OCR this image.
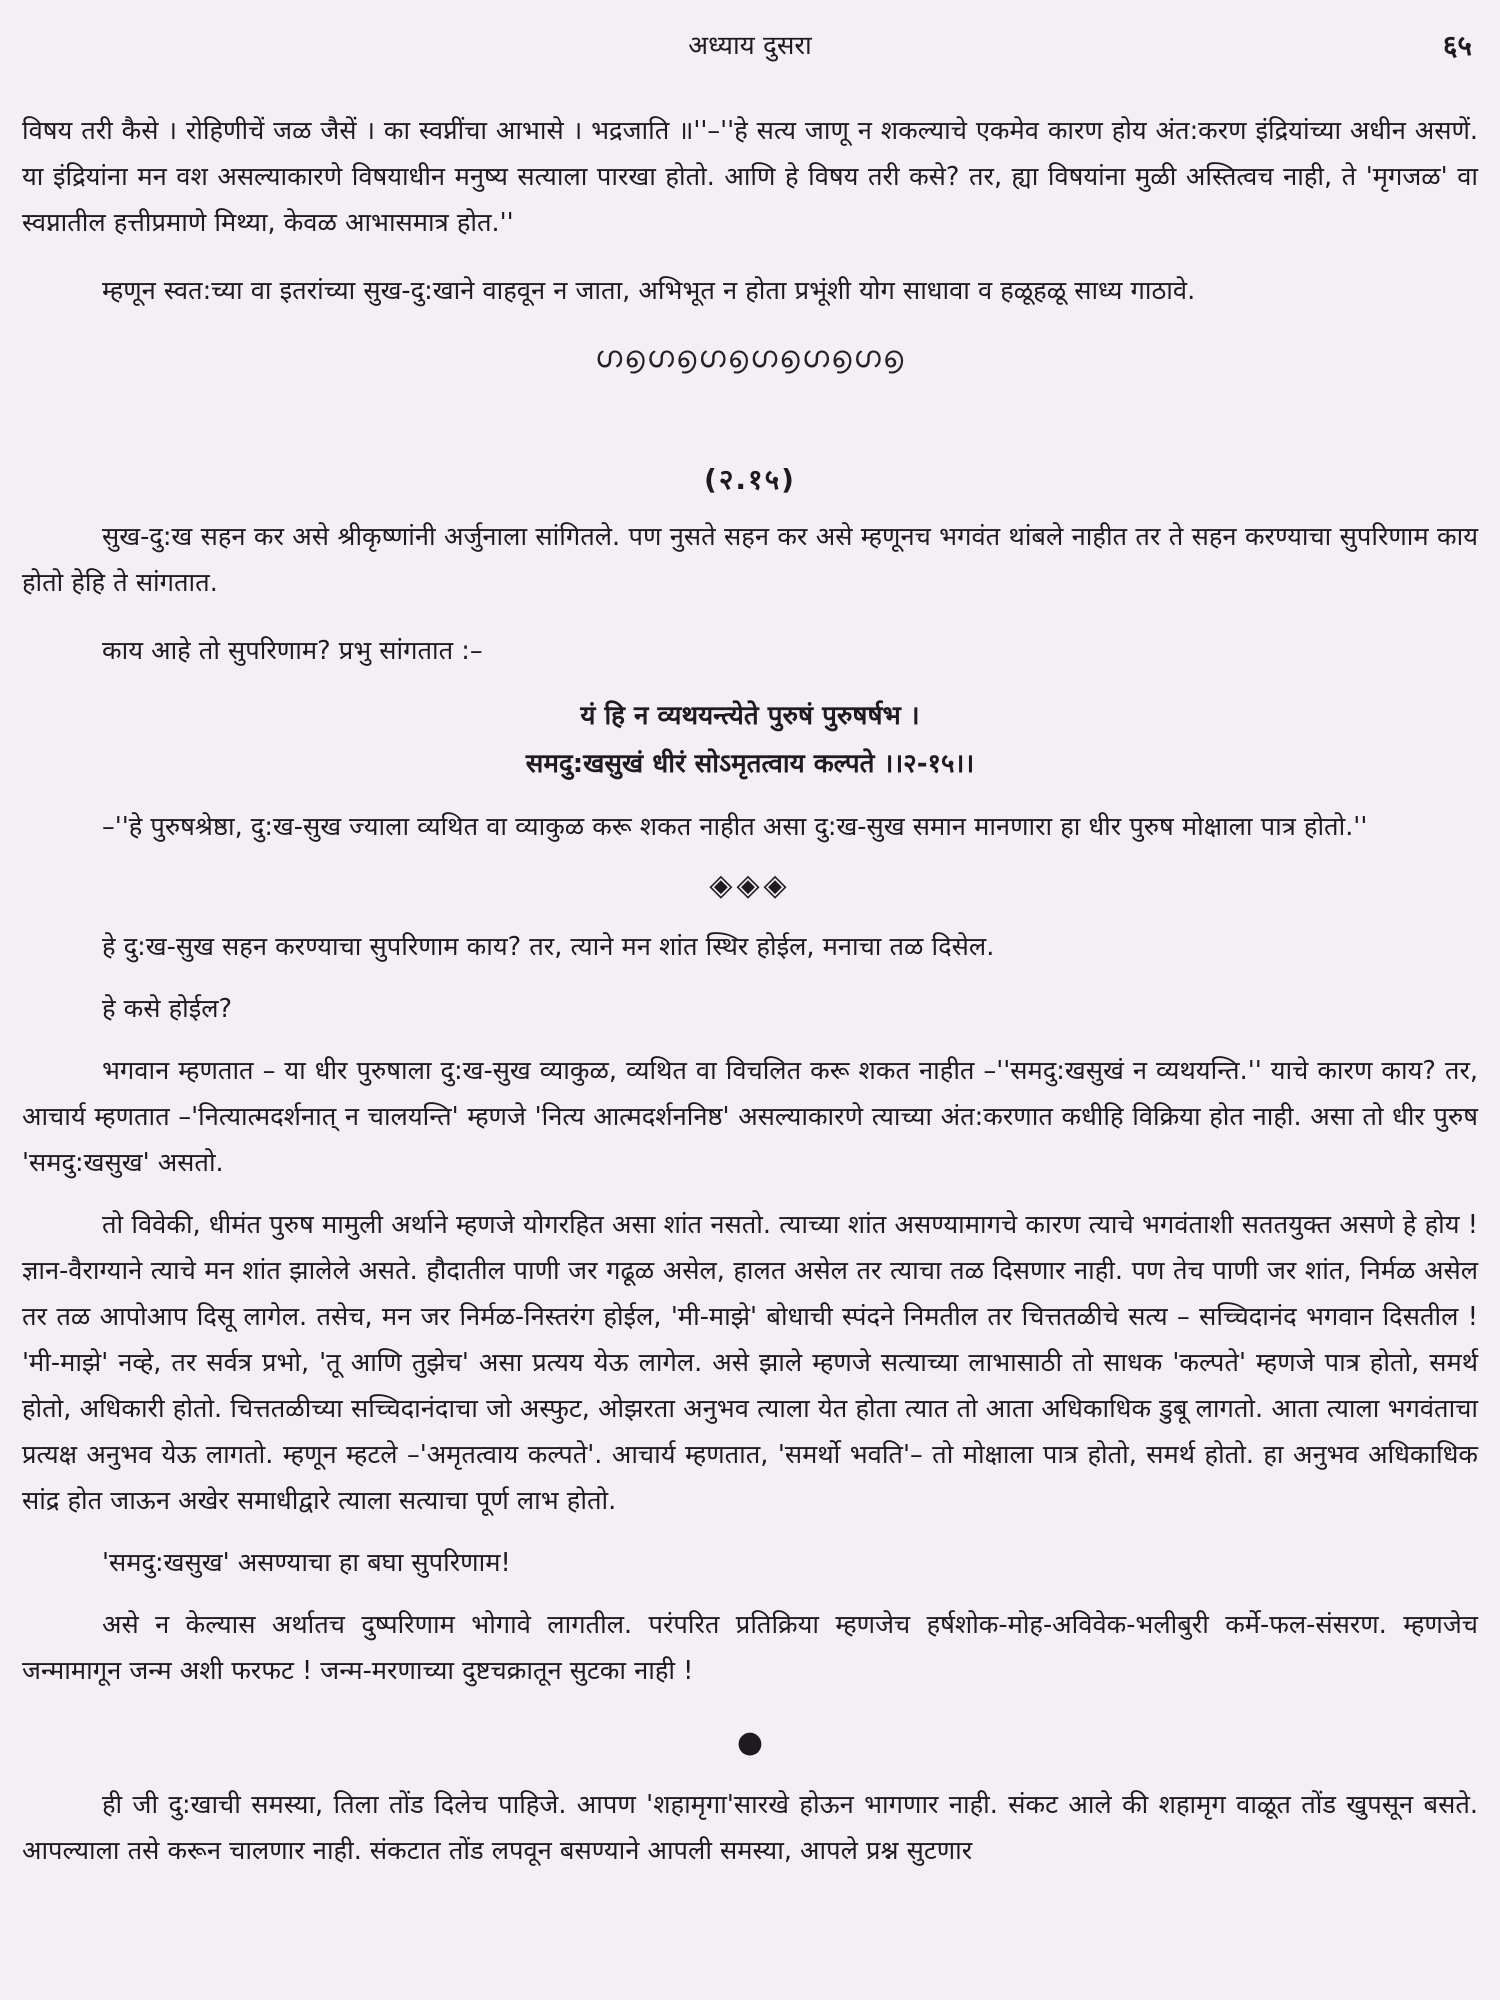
अध्याय दुसरा	६५

विषय तरी कैसे । रोहिणीचें जळ जैसें । का स्वप्नींचा आभासे । भद्रजाति ॥''–''हे सत्य जाणू न शकल्याचे एकमेव कारण होय अंत:करण इंद्रियांच्या अधीन असणें. या इंद्रियांना मन वश असल्याकारणे विषयाधीन मनुष्य सत्याला पारखा होतो. आणि हे विषय तरी कसे? तर, ह्या विषयांना मुळी अस्तित्वच नाही, ते 'मृगजळ' वा स्वप्नातील हत्तीप्रमाणे मिथ्या, केवळ आभासमात्र होत.''

म्हणून स्वत:च्या वा इतरांच्या सुख-दु:खाने वाहवून न जाता, अभिभूत न होता प्रभूंशी योग साधावा व हळूहळू साध्य गाठावे.

ഗ൭ഗ൭ഗ൭ഗ൭ഗ൭ഗ൭
(२.१५)

सुख-दु:ख सहन कर असे श्रीकृष्णांनी अर्जुनाला सांगितले. पण नुसते सहन कर असे म्हणूनच भगवंत थांबले नाहीत तर ते सहन करण्याचा सुपरिणाम काय होतो हेहि ते सांगतात.

काय आहे तो सुपरिणाम? प्रभु सांगतात :–

यं हि न व्यथयन्त्येते पुरुषं पुरुषर्षभ ।
समदु:खसुखं धीरं सोऽमृतत्वाय कल्पते ।।२-१५।।

–''हे पुरुषश्रेष्ठा, दु:ख-सुख ज्याला व्यथित वा व्याकुळ करू शकत नाहीत असा दु:ख-सुख समान मानणारा हा धीर पुरुष मोक्षाला पात्र होतो.''

◈◈◈

हे दु:ख-सुख सहन करण्याचा सुपरिणाम काय? तर, त्याने मन शांत स्थिर होईल, मनाचा तळ दिसेल.

हे कसे होईल?

भगवान म्हणतात – या धीर पुरुषाला दु:ख-सुख व्याकुळ, व्यथित वा विचलित करू शकत नाहीत –''समदु:खसुखं न व्यथयन्ति.'' याचे कारण काय? तर, आचार्य म्हणतात –'नित्यात्मदर्शनात् न चालयन्ति' म्हणजे 'नित्य आत्मदर्शननिष्ठ' असल्याकारणे त्याच्या अंत:करणात कधीहि विक्रिया होत नाही. असा तो धीर पुरुष 'समदु:खसुख' असतो.

तो विवेकी, धीमंत पुरुष मामुली अर्थाने म्हणजे योगरहित असा शांत नसतो. त्याच्या शांत असण्यामागचे कारण त्याचे भगवंताशी सततयुक्त असणे हे होय ! ज्ञान-वैराग्याने त्याचे मन शांत झालेले असते. हौदातील पाणी जर गढूळ असेल, हालत असेल तर त्याचा तळ दिसणार नाही. पण तेच पाणी जर शांत, निर्मळ असेल तर तळ आपोआप दिसू लागेल. तसेच, मन जर निर्मळ-निस्तरंग होईल, 'मी-माझे' बोधाची स्पंदने निमतील तर चित्ततळीचे सत्य – सच्चिदानंद भगवान दिसतील ! 'मी-माझे' नव्हे, तर सर्वत्र प्रभो, 'तू आणि तुझेच' असा प्रत्यय येऊ लागेल. असे झाले म्हणजे सत्याच्या लाभासाठी तो साधक 'कल्पते' म्हणजे पात्र होतो, समर्थ होतो, अधिकारी होतो. चित्ततळीच्या सच्चिदानंदाचा जो अस्फुट, ओझरता अनुभव त्याला येत होता त्यात तो आता अधिकाधिक डुबू लागतो. आता त्याला भगवंताचा प्रत्यक्ष अनुभव येऊ लागतो. म्हणून म्हटले –'अमृतत्वाय कल्पते'. आचार्य म्हणतात, 'समर्थो भवति'– तो मोक्षाला पात्र होतो, समर्थ होतो. हा अनुभव अधिकाधिक सांद्र होत जाऊन अखेर समाधीद्वारे त्याला सत्याचा पूर्ण लाभ होतो.

'समदु:खसुख' असण्याचा हा बघा सुपरिणाम!

असे न केल्यास अर्थातच दुष्परिणाम भोगावे लागतील. परंपरित प्रतिक्रिया म्हणजेच हर्षशोक-मोह-अविवेक-भलीबुरी कर्मे-फल-संसरण. म्हणजेच जन्मामागून जन्म अशी फरफट ! जन्म-मरणाच्या दुष्टचक्रातून सुटका नाही !

●

ही जी दु:खाची समस्या, तिला तोंड दिलेच पाहिजे. आपण 'शहामृगा'सारखे होऊन भागणार नाही. संकट आले की शहामृग वाळूत तोंड खुपसून बसते. आपल्याला तसे करून चालणार नाही. संकटात तोंड लपवून बसण्याने आपली समस्या, आपले प्रश्न सुटणार
